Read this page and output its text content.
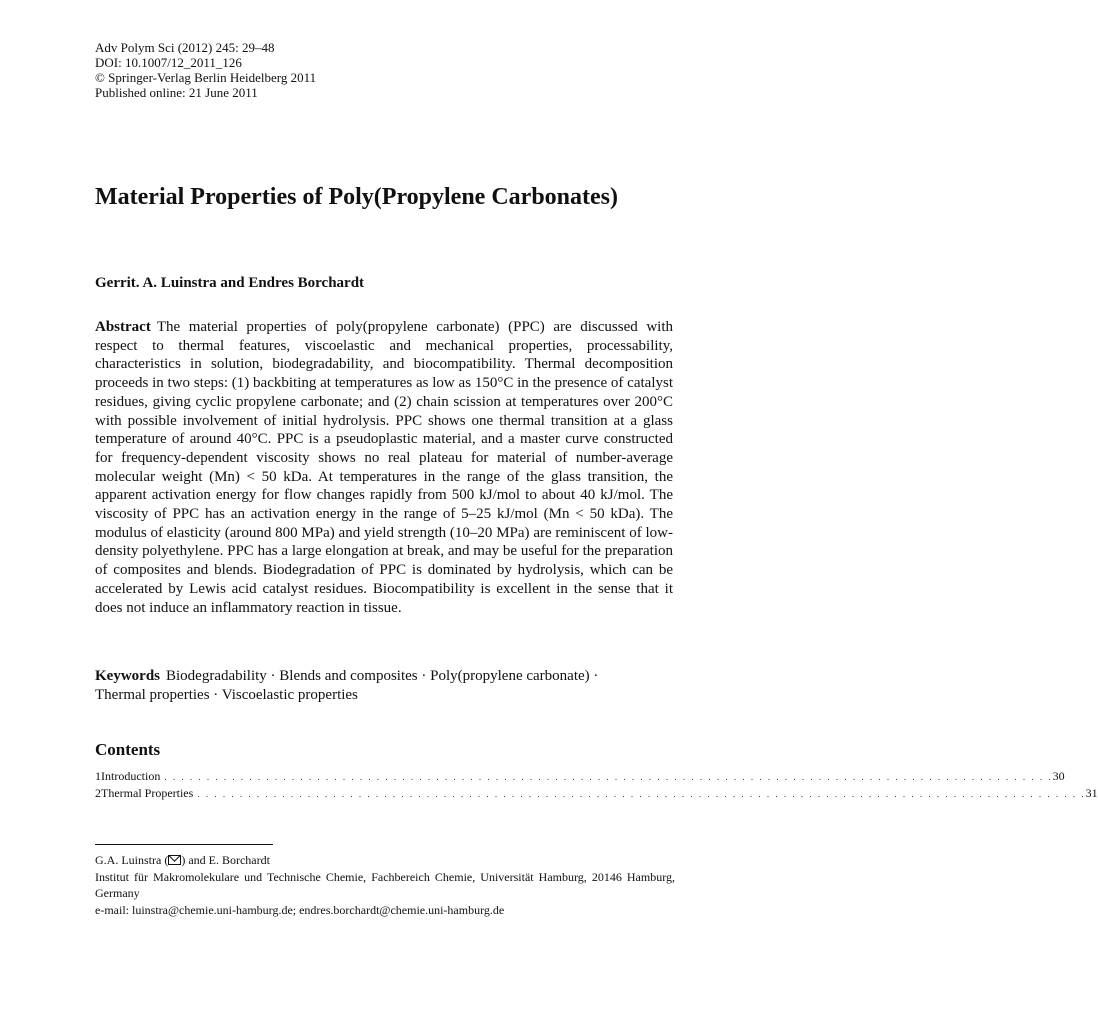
Adv Polym Sci (2012) 245: 29–48
DOI: 10.1007/12_2011_126
© Springer-Verlag Berlin Heidelberg 2011
Published online: 21 June 2011
Material Properties of Poly(Propylene Carbonates)
Gerrit. A. Luinstra and Endres Borchardt

Abstract The material properties of poly(propylene carbonate) (PPC) are discussed with respect to thermal features, viscoelastic and mechanical properties, processability, characteristics in solution, biodegradability, and biocompatibility. Thermal decomposition proceeds in two steps: (1) backbiting at temperatures as low as 150°C in the presence of catalyst residues, giving cyclic propylene carbonate; and (2) chain scission at temperatures over 200°C with possible involvement of initial hydrolysis. PPC shows one thermal transition at a glass temperature of around 40°C. PPC is a pseudoplastic material, and a master curve constructed for frequency-dependent viscosity shows no real plateau for material of number-average molecular weight (Mn) < 50 kDa. At temperatures in the range of the glass transition, the apparent activation energy for flow changes rapidly from 500 kJ/mol to about 40 kJ/mol. The viscosity of PPC has an activation energy in the range of 5–25 kJ/mol (Mn < 50 kDa). The modulus of elasticity (around 800 MPa) and yield strength (10–20 MPa) are reminiscent of low-density polyethylene. PPC has a large elongation at break, and may be useful for the preparation of composites and blends. Biodegradation of PPC is dominated by hydrolysis, which can be accelerated by Lewis acid catalyst residues. Biocompatibility is excellent in the sense that it does not induce an inflammatory reaction in tissue.

Keywords Biodegradability · Blends and composites · Poly(propylene carbonate) ·
Thermal properties · Viscoelastic properties
Contents
1 Introduction . . . . . . . . . . . . . . . . . . . . . . . . . . . . . . . . . . . . . . . . . . . . . . . . . . . . . . . . . . . . . . . . . . . . . . . . . . . . . . . . . . . . . . . . . . . . . . . . . . . . . . . . . 30
2 Thermal Properties . . . . . . . . . . . . . . . . . . . . . . . . . . . . . . . . . . . . . . . . . . . . . . . . . . . . . . . . . . . . . . . . . . . . . . . . . . . . . . . . . . . . . . . . . . . . . . . . . . . . . . . . . 31
G.A. Luinstra ( ) and E. Borchardt
Institut für Makromolekulare und Technische Chemie, Fachbereich Chemie, Universität Hamburg, 20146 Hamburg, Germany
e-mail: luinstra@chemie.uni-hamburg.de; endres.borchardt@chemie.uni-hamburg.de
